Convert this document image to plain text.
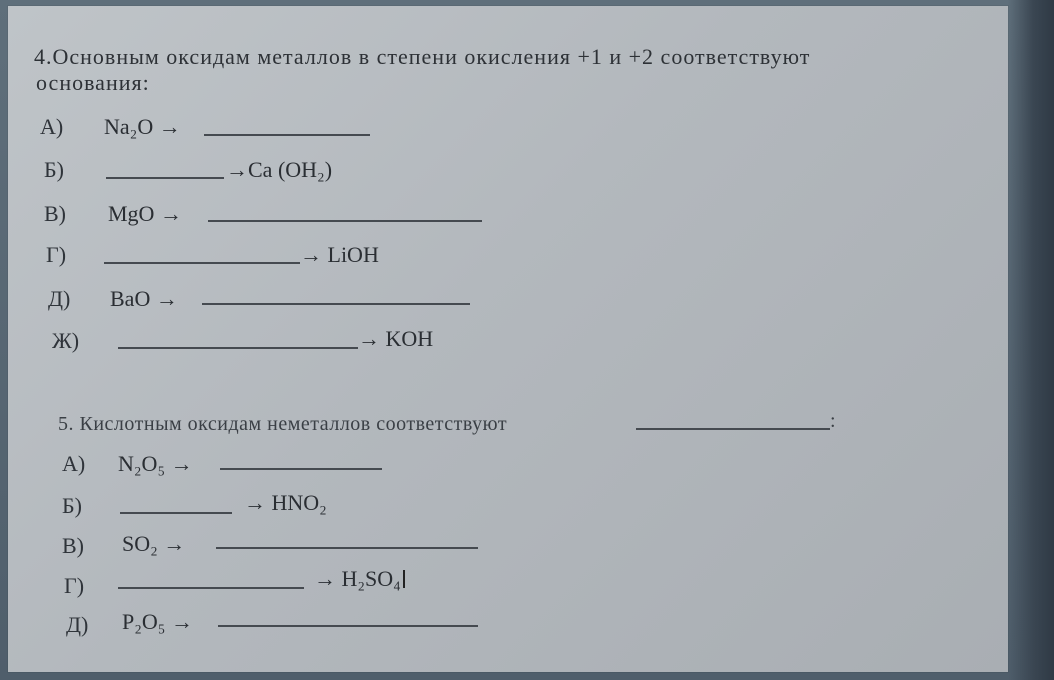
4.Основным оксидам металлов в степени окисления +1 и +2 соответствуют
основания:
А) Na₂O →
Б)	→Ca (OH₂)
В) MgO →
Г)	→ LiOH
Д) BaO →
Ж)	→ KOH
5. Кислотным оксидам неметаллов соответствуют	:
А) N₂O₅ →
Б)	→ HNO₂
В) SO₂ →
Г)	→ H₂SO₄
Д) P₂O₅ →
